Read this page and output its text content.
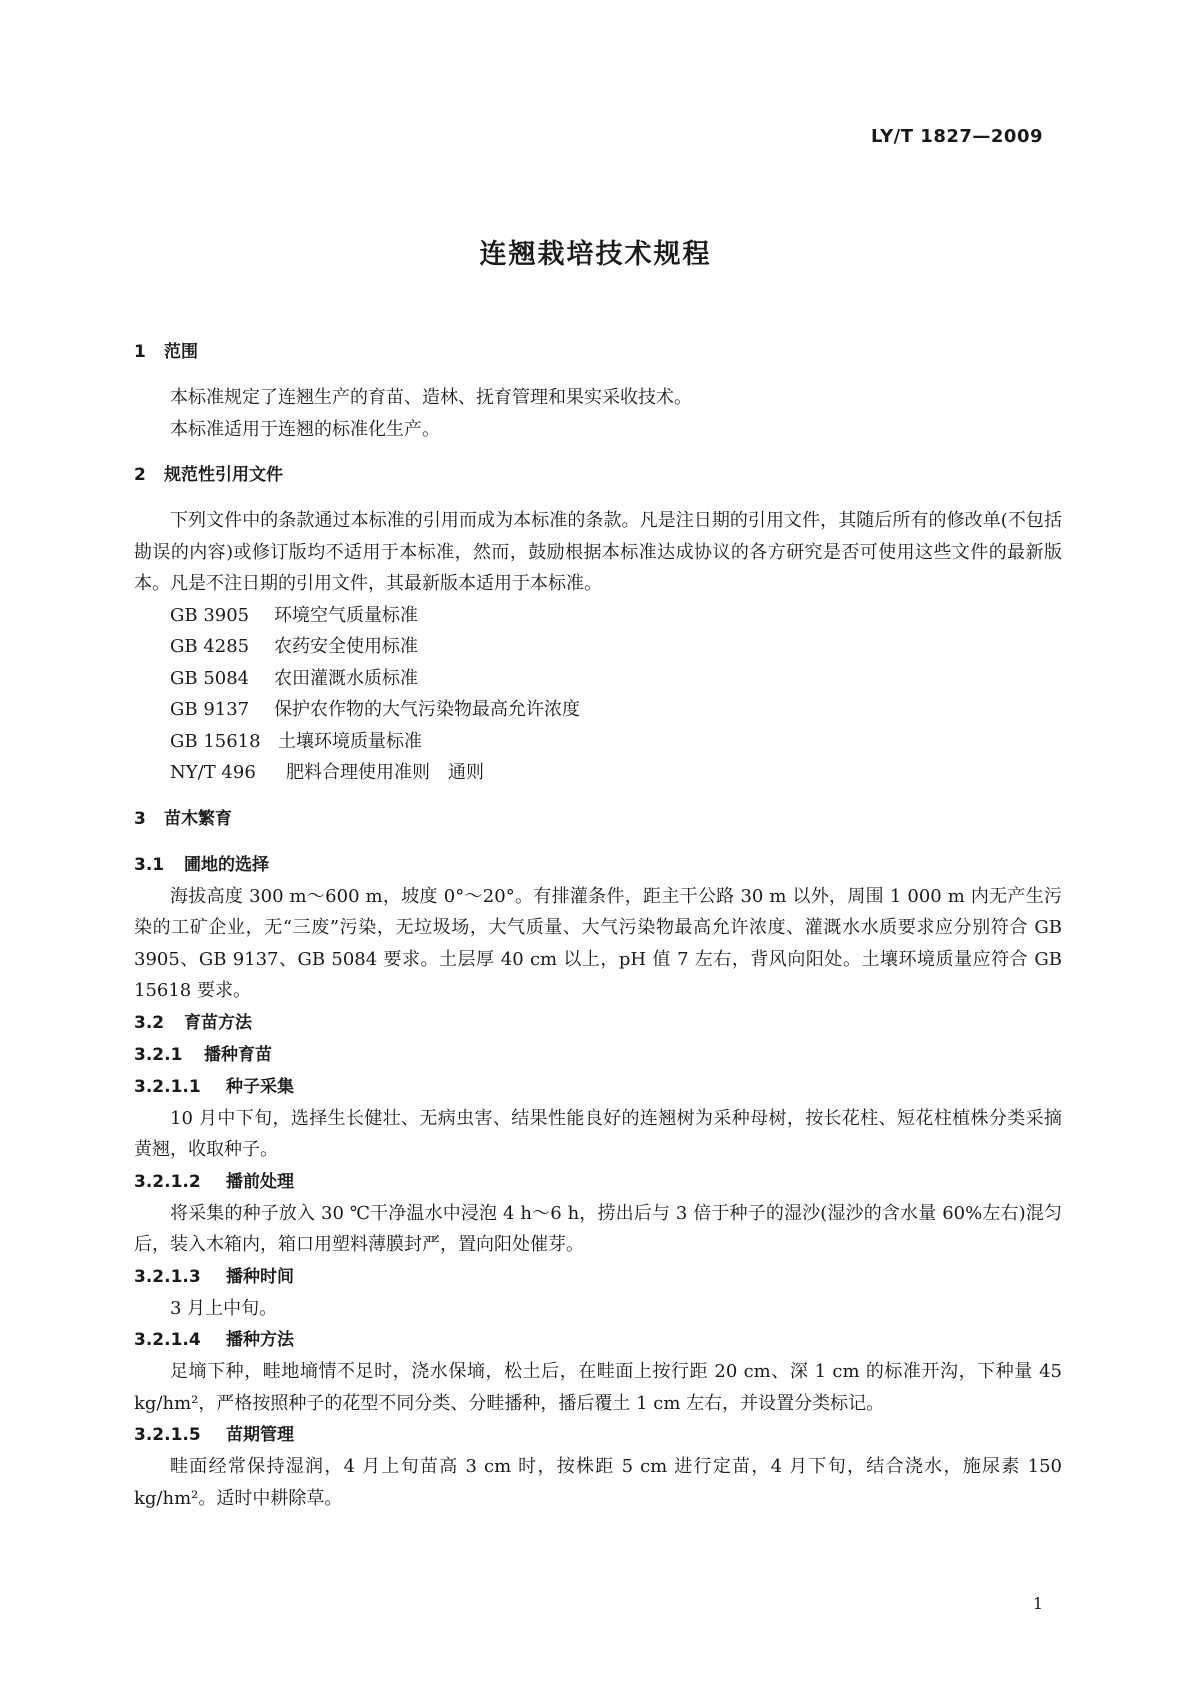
LY/T 1827—2009
连翘栽培技术规程
1 范围

本标准规定了连翘生产的育苗、造林、抚育管理和果实采收技术。

本标准适用于连翘的标准化生产。

2 规范性引用文件

下列文件中的条款通过本标准的引用而成为本标准的条款。凡是注日期的引用文件，其随后所有的修改单(不包括勘误的内容)或修订版均不适用于本标准，然而，鼓励根据本标准达成协议的各方研究是否可使用这些文件的最新版本。凡是不注日期的引用文件，其最新版本适用于本标准。

GB 3905 环境空气质量标准
GB 4285 农药安全使用标准
GB 5084 农田灌溉水质标准
GB 9137 保护农作物的大气污染物最高允许浓度
GB 15618 土壤环境质量标准
NY/T 496 肥料合理使用准则　通则
3 苗木繁育
3.1 圃地的选择

海拔高度 300 m～600 m，坡度 0°～20°。有排灌条件，距主干公路 30 m 以外，周围 1 000 m 内无产生污染的工矿企业，无“三废”污染，无垃圾场，大气质量、大气污染物最高允许浓度、灌溉水水质要求应分别符合 GB 3905、GB 9137、GB 5084 要求。土层厚 40 cm 以上，pH 值 7 左右，背风向阳处。土壤环境质量应符合 GB 15618 要求。

3.2 育苗方法
3.2.1 播种育苗
3.2.1.1 种子采集

10 月中下旬，选择生长健壮、无病虫害、结果性能良好的连翘树为采种母树，按长花柱、短花柱植株分类采摘黄翘，收取种子。

3.2.1.2 播前处理

将采集的种子放入 30 ℃干净温水中浸泡 4 h～6 h，捞出后与 3 倍于种子的湿沙(湿沙的含水量 60%左右)混匀后，装入木箱内，箱口用塑料薄膜封严，置向阳处催芽。

3.2.1.3 播种时间

3 月上中旬。

3.2.1.4 播种方法

足墒下种，畦地墒情不足时，浇水保墒，松土后，在畦面上按行距 20 cm、深 1 cm 的标准开沟，下种量 45 kg/hm²，严格按照种子的花型不同分类、分畦播种，播后覆土 1 cm 左右，并设置分类标记。

3.2.1.5 苗期管理

畦面经常保持湿润，4 月上旬苗高 3 cm 时，按株距 5 cm 进行定苗，4 月下旬，结合浇水，施尿素 150 kg/hm²。适时中耕除草。

1
